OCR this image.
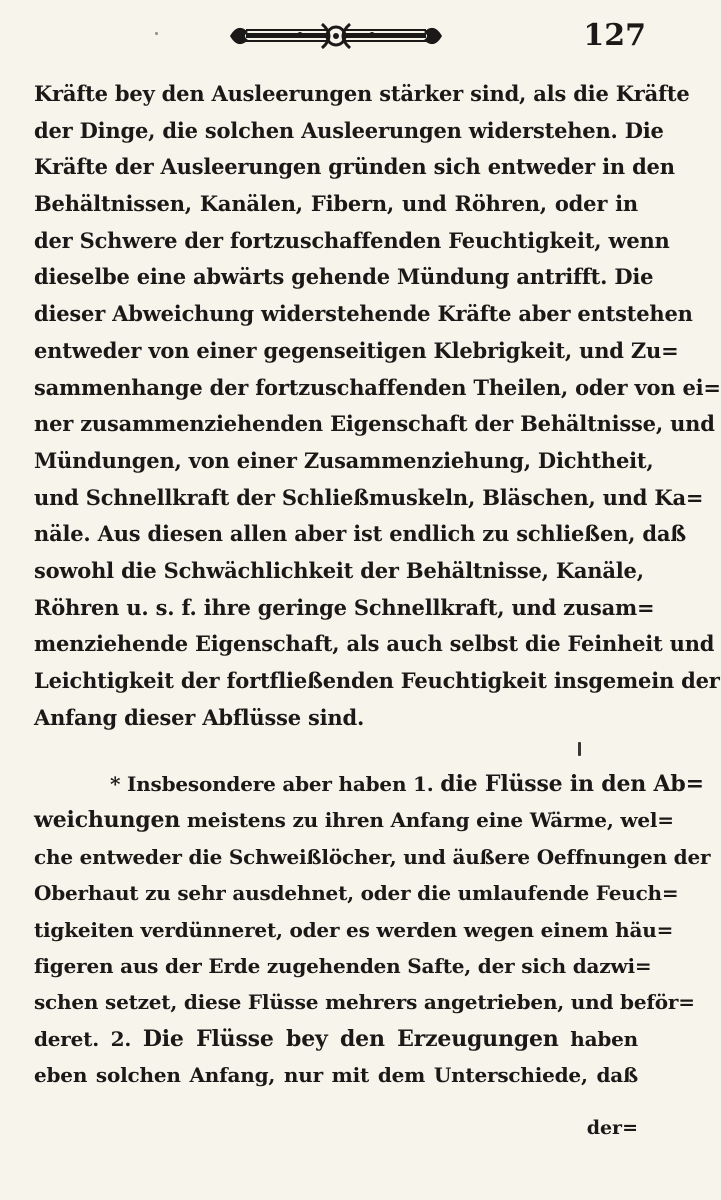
127
Kräfte bey den Ausleerungen stärker sind, als die Kräfte
der Dinge, die solchen Ausleerungen widerstehen. Die
Kräfte der Ausleerungen gründen sich entweder in den
Behältnissen, Kanälen, Fibern, und Röhren, oder in
der Schwere der fortzuschaffenden Feuchtigkeit, wenn
dieselbe eine abwärts gehende Mündung antrifft. Die
dieser Abweichung widerstehende Kräfte aber entstehen
entweder von einer gegenseitigen Klebrigkeit, und Zu=
sammenhange der fortzuschaffenden Theilen, oder von ei=
ner zusammenziehenden Eigenschaft der Behältnisse, und
Mündungen, von einer Zusammenziehung, Dichtheit,
und Schnellkraft der Schließmuskeln, Bläschen, und Ka=
näle. Aus diesen allen aber ist endlich zu schließen, daß
sowohl die Schwächlichkeit der Behältnisse, Kanäle,
Röhren u. s. f. ihre geringe Schnellkraft, und zusam=
menziehende Eigenschaft, als auch selbst die Feinheit und
Leichtigkeit der fortfließenden Feuchtigkeit insgemein der
Anfang dieser Abflüsse sind.
* Insbesondere aber haben 1. die Flüsse in den Ab=
weichungen meistens zu ihren Anfang eine Wärme, wel=
che entweder die Schweißlöcher, und äußere Oeffnungen der
Oberhaut zu sehr ausdehnet, oder die umlaufende Feuch=
tigkeiten verdünneret, oder es werden wegen einem häu=
figeren aus der Erde zugehenden Safte, der sich dazwi=
schen setzet, diese Flüsse mehrers angetrieben, und beför=
deret. 2. Die Flüsse bey den Erzeugungen haben
eben solchen Anfang, nur mit dem Unterschiede, daß
der=
